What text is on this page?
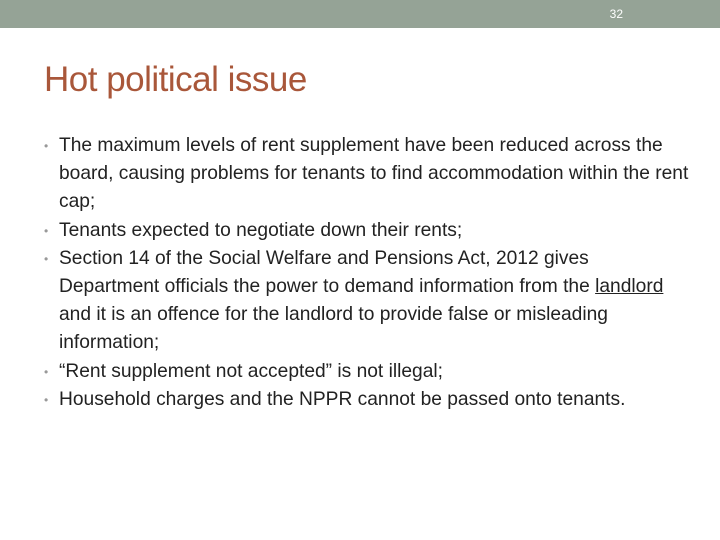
32
Hot political issue
• The maximum levels of rent supplement have been reduced across the board, causing problems for tenants to find accommodation within the rent cap;
• Tenants expected to negotiate down their rents;
• Section 14 of the Social Welfare and Pensions Act, 2012 gives Department officials the power to demand information from the landlord and it is an offence for the landlord to provide false or misleading information;
• “Rent supplement not accepted” is not illegal;
• Household charges and the NPPR cannot be passed onto tenants.
